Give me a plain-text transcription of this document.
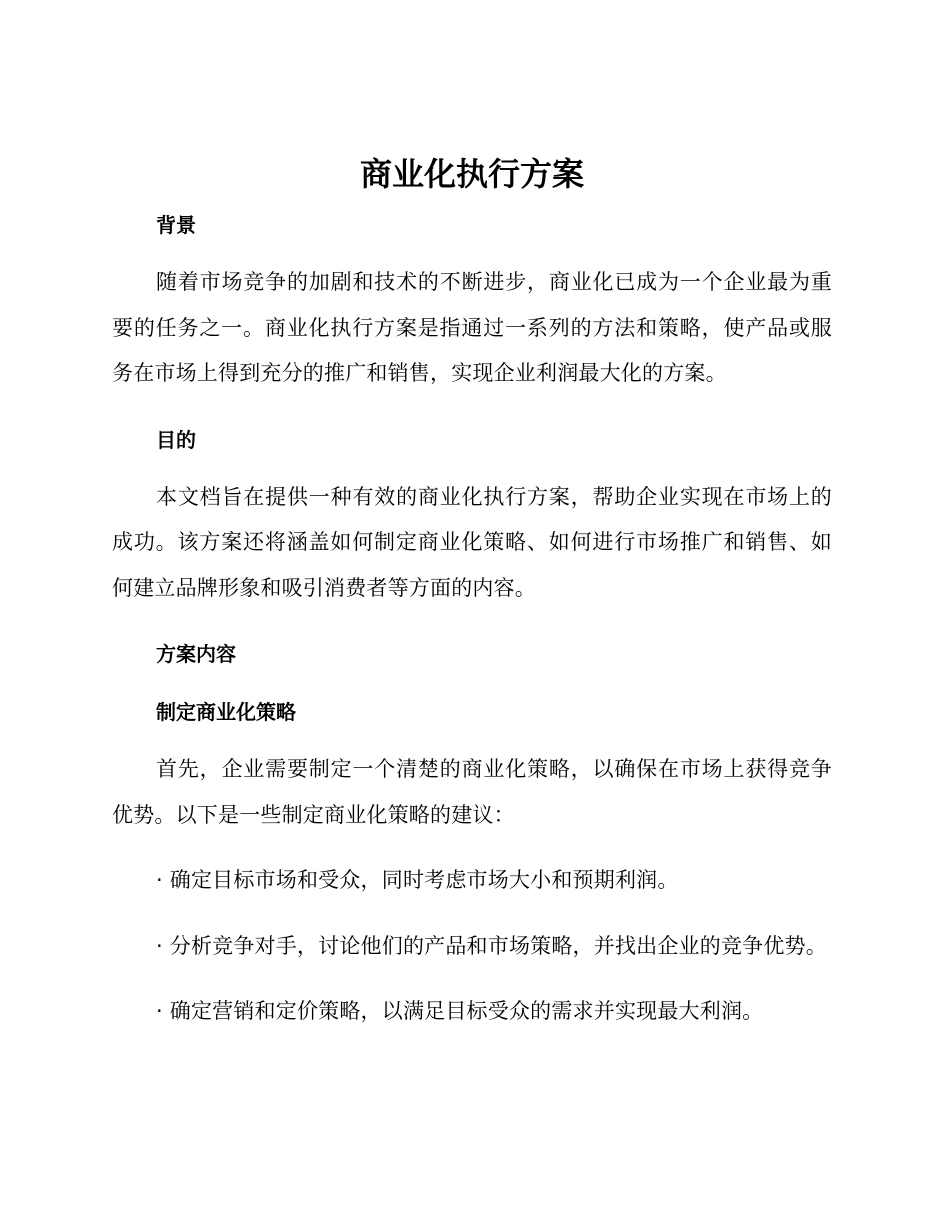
商业化执行方案
背景

随着市场竞争的加剧和技术的不断进步，商业化已成为一个企业最为重要的任务之一。商业化执行方案是指通过一系列的方法和策略，使产品或服务在市场上得到充分的推广和销售，实现企业利润最大化的方案。

目的

本文档旨在提供一种有效的商业化执行方案，帮助企业实现在市场上的成功。该方案还将涵盖如何制定商业化策略、如何进行市场推广和销售、如何建立品牌形象和吸引消费者等方面的内容。

方案内容
制定商业化策略

首先，企业需要制定一个清楚的商业化策略，以确保在市场上获得竞争优势。以下是一些制定商业化策略的建议：

· 确定目标市场和受众，同时考虑市场大小和预期利润。

· 分析竞争对手，讨论他们的产品和市场策略，并找出企业的竞争优势。

· 确定营销和定价策略，以满足目标受众的需求并实现最大利润。
